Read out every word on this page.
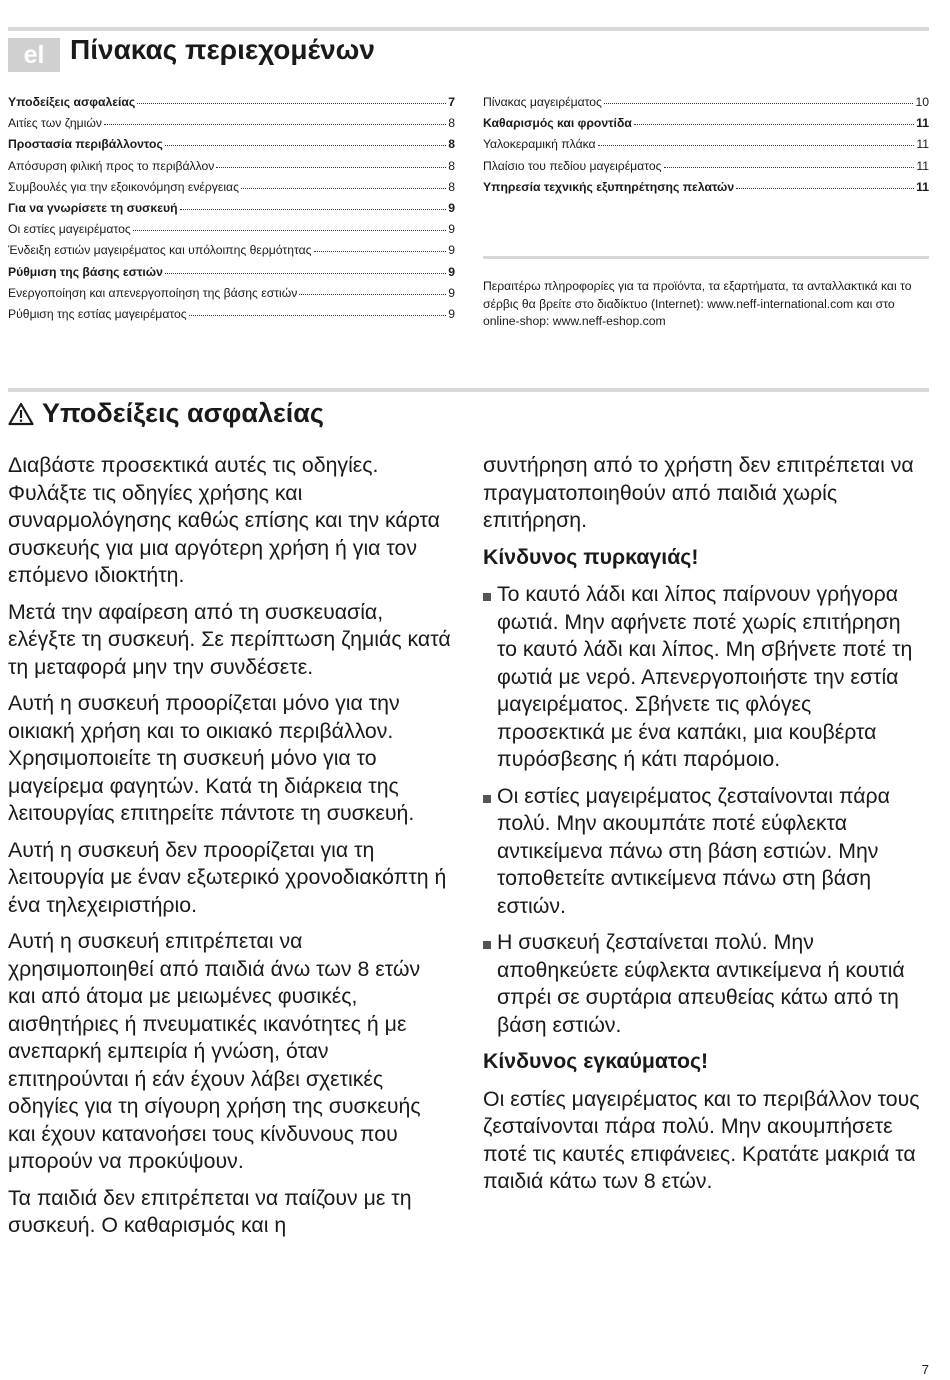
el Πίνακας περιεχομένων
Υποδείξεις ασφαλείας	7
Αιτίες των ζημιών	8
Προστασία περιβάλλοντος	8
Απόσυρση φιλική προς το περιβάλλον	8
Συμβουλές για την εξοικονόμηση ενέργειας	8
Για να γνωρίσετε τη συσκευή	9
Οι εστίες μαγειρέματος	9
Ένδειξη εστιών μαγειρέματος και υπόλοιπης θερμότητας	9
Ρύθμιση της βάσης εστιών	9
Ενεργοποίηση και απενεργοποίηση της βάσης εστιών	9
Ρύθμιση της εστίας μαγειρέματος	9
Πίνακας μαγειρέματος	10
Καθαρισμός και φροντίδα	11
Υαλοκεραμική πλάκα	11
Πλαίσιο του πεδίου μαγειρέματος	11
Υπηρεσία τεχνικής εξυπηρέτησης πελατών	11

Περαιτέρω πληροφορίες για τα προϊόντα, τα εξαρτήματα, τα ανταλλακτικά και το σέρβις θα βρείτε στο διαδίκτυο (Internet): www.neff-international.com και στο online-shop: www.neff-eshop.com

Υποδείξεις ασφαλείας

Διαβάστε προσεκτικά αυτές τις οδηγίες. Φυλάξτε τις οδηγίες χρήσης και συναρμολόγησης καθώς επίσης και την κάρτα συσκευής για μια αργότερη χρήση ή για τον επόμενο ιδιοκτήτη.

Μετά την αφαίρεση από τη συσκευασία, ελέγξτε τη συσκευή. Σε περίπτωση ζημιάς κατά τη μεταφορά μην την συνδέσετε.

Αυτή η συσκευή προορίζεται μόνο για την οικιακή χρήση και το οικιακό περιβάλλον. Χρησιμοποιείτε τη συσκευή μόνο για το μαγείρεμα φαγητών. Κατά τη διάρκεια της λειτουργίας επιτηρείτε πάντοτε τη συσκευή.

Αυτή η συσκευή δεν προορίζεται για τη λειτουργία με έναν εξωτερικό χρονοδιακόπτη ή ένα τηλεχειριστήριο.

Αυτή η συσκευή επιτρέπεται να χρησιμοποιηθεί από παιδιά άνω των 8 ετών και από άτομα με μειωμένες φυσικές, αισθητήριες ή πνευματικές ικανότητες ή με ανεπαρκή εμπειρία ή γνώση, όταν επιτηρούνται ή εάν έχουν λάβει σχετικές οδηγίες για τη σίγουρη χρήση της συσκευής και έχουν κατανοήσει τους κίνδυνους που μπορούν να προκύψουν.

Τα παιδιά δεν επιτρέπεται να παίζουν με τη συσκευή. Ο καθαρισμός και η

συντήρηση από το χρήστη δεν επιτρέπεται να πραγματοποιηθούν από παιδιά χωρίς επιτήρηση.

Κίνδυνος πυρκαγιάς!
Το καυτό λάδι και λίπος παίρνουν γρήγορα φωτιά. Μην αφήνετε ποτέ χωρίς επιτήρηση το καυτό λάδι και λίπος. Μη σβήνετε ποτέ τη φωτιά με νερό. Απενεργοποιήστε την εστία μαγειρέματος. Σβήνετε τις φλόγες προσεκτικά με ένα καπάκι, μια κουβέρτα πυρόσβεσης ή κάτι παρόμοιο.
Οι εστίες μαγειρέματος ζεσταίνονται πάρα πολύ. Μην ακουμπάτε ποτέ εύφλεκτα αντικείμενα πάνω στη βάση εστιών. Μην τοποθετείτε αντικείμενα πάνω στη βάση εστιών.
Η συσκευή ζεσταίνεται πολύ. Μην αποθηκεύετε εύφλεκτα αντικείμενα ή κουτιά σπρέι σε συρτάρια απευθείας κάτω από τη βάση εστιών.
Κίνδυνος εγκαύματος!

Οι εστίες μαγειρέματος και το περιβάλλον τους ζεσταίνονται πάρα πολύ. Μην ακουμπήσετε ποτέ τις καυτές επιφάνειες. Κρατάτε μακριά τα παιδιά κάτω των 8 ετών.

7
